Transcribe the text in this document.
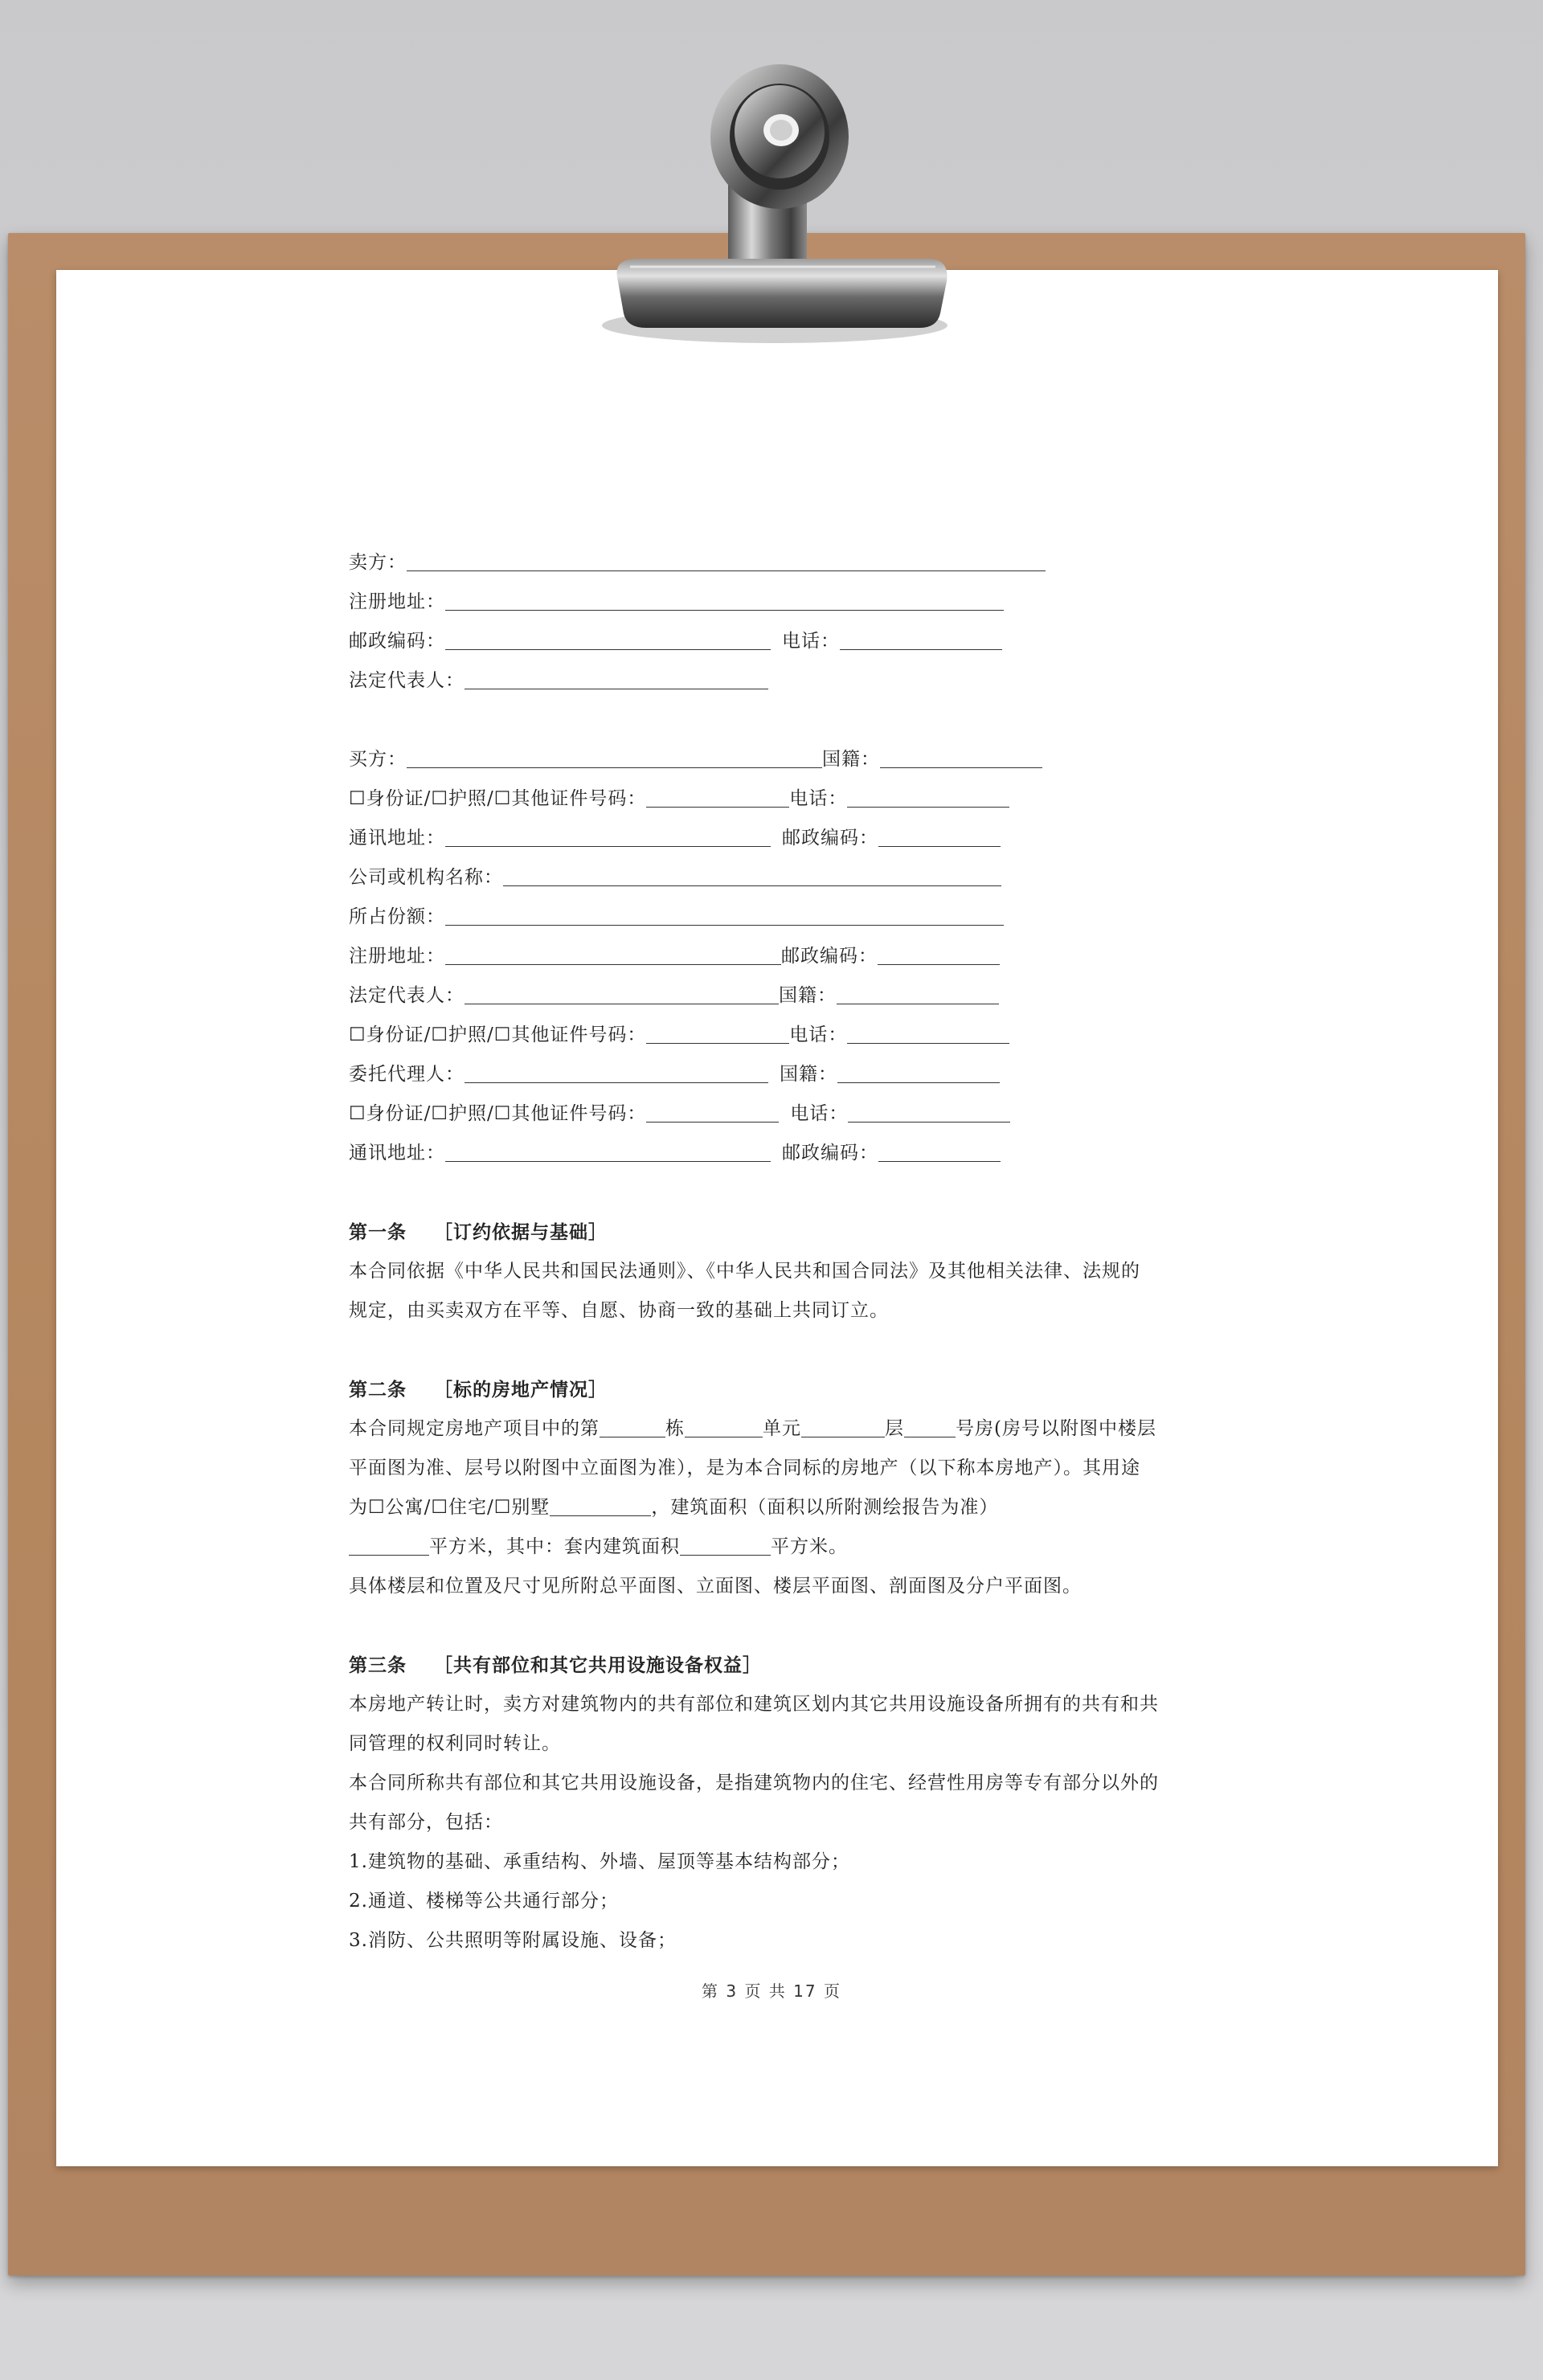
卖方：
注册地址：
邮政编码：	电话：
法定代表人：
买方：	国籍：
☐身份证/☐护照/☐其他证件号码：	电话：
通讯地址：	邮政编码：
公司或机构名称：
所占份额：
注册地址：	邮政编码：
法定代表人：	国籍：
☐身份证/☐护照/☐其他证件号码：	电话：
委托代理人：	国籍：
☐身份证/☐护照/☐其他证件号码：	电话：
通讯地址：	邮政编码：
第一条 ［订约依据与基础］
本合同依据《中华人民共和国民法通则》、《中华人民共和国合同法》及其他相关法律、法规的
规定，由买卖双方在平等、自愿、协商一致的基础上共同订立。
第二条 ［标的房地产情况］
本合同规定房地产项目中的第	栋	单元	层	号房(房号以附图中楼层
平面图为准、层号以附图中立面图为准），是为本合同标的房地产（以下称本房地产）。其用途
为☐公寓/☐住宅/☐别墅	，建筑面积（面积以所附测绘报告为准）
平方米，其中：套内建筑面积	平方米。
具体楼层和位置及尺寸见所附总平面图、立面图、楼层平面图、剖面图及分户平面图。
第三条 ［共有部位和其它共用设施设备权益］
本房地产转让时，卖方对建筑物内的共有部位和建筑区划内其它共用设施设备所拥有的共有和共
同管理的权利同时转让。
本合同所称共有部位和其它共用设施设备，是指建筑物内的住宅、经营性用房等专有部分以外的
共有部分，包括：
1.建筑物的基础、承重结构、外墙、屋顶等基本结构部分；
2.通道、楼梯等公共通行部分；
3.消防、公共照明等附属设施、设备；
第 3 页 共 17 页
